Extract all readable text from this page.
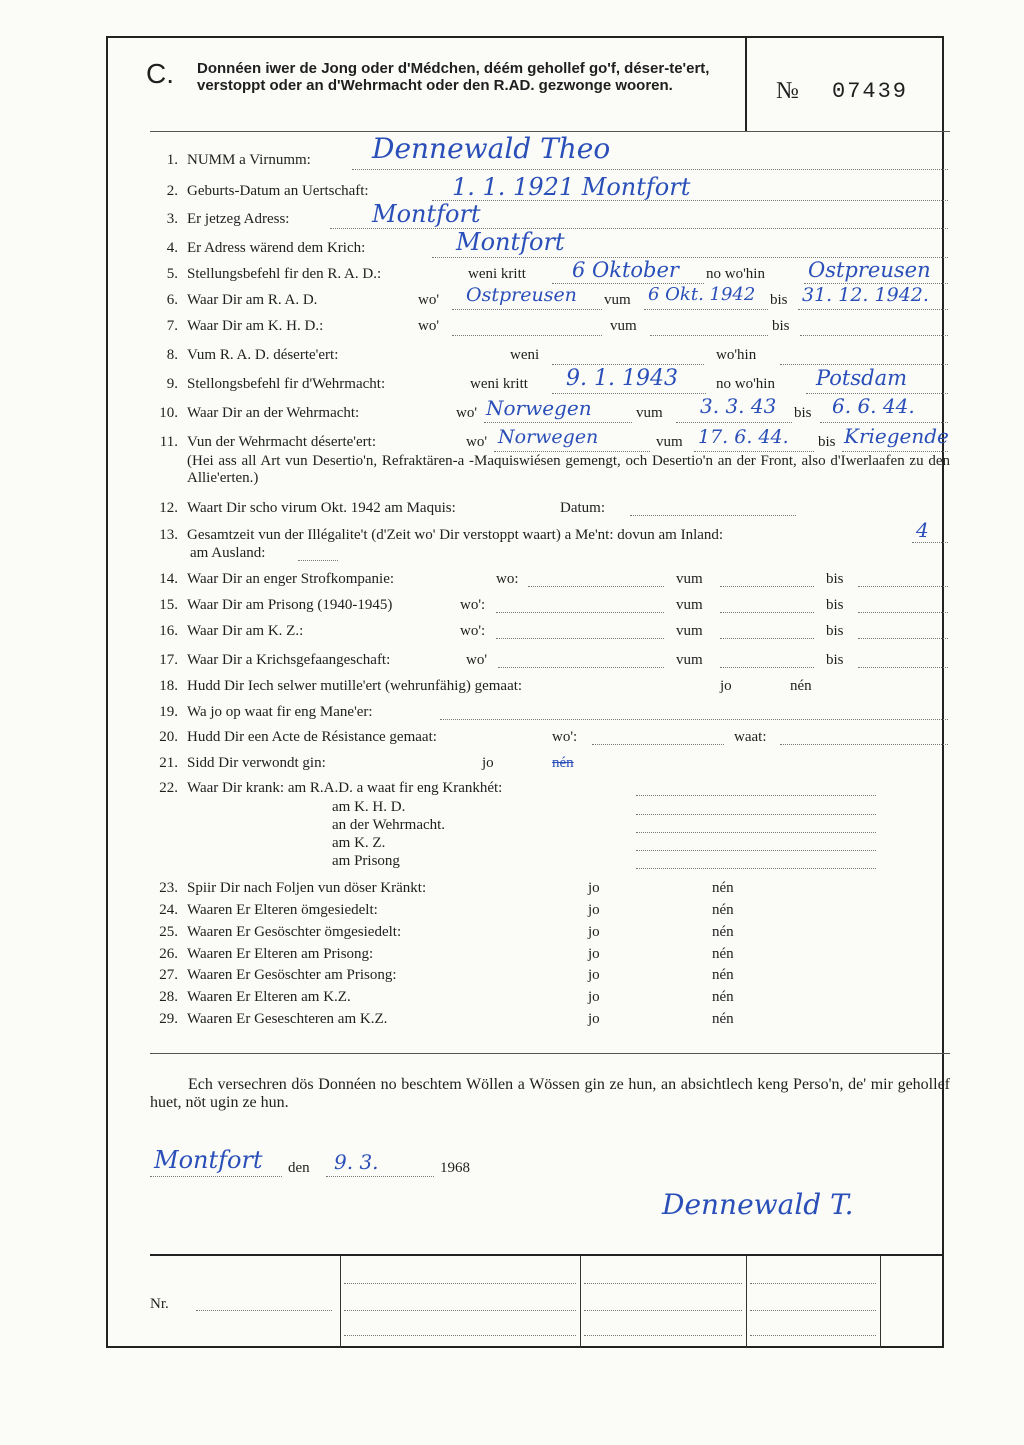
C. Donnéen iwer de Jong oder d'Médchen, déém gehollef go'f, déser-te'ert, verstoppt oder an d'Wehrmacht oder den R.AD. gezwonge wooren.	№ 07439
1. NUMM a Virnumm: Dennewald Theo
2. Geburts-Datum an Uertschaft:	1. 1. 1921 Montfort
3. Er jetzeg Adress:	Montfort
4. Er Adress wärend dem Krich:	Montfort
5. Stellungsbefehl fir den R. A. D.:	weni kritt 6 Oktober no wo'hin Ostpreusen
6. Waar Dir am R. A. D.	wo' Ostpreusen vum 6 Okt. 1942 bis 31. 12. 1942.
7. Waar Dir am K. H. D.:	wo'	vum	bis
8. Vum R. A. D. déserte'ert:	weni	wo'hin
9. Stellongsbefehl fir d'Wehrmacht:	weni kritt 9. 1. 1943	no wo'hin Potsdam
10. Waar Dir an der Wehrmacht:	wo' Norwegen	vum 3. 3. 43 bis 6. 6. 44.
11. Vun der Wehrmacht déserte'ert:	wo' Norwegen	vum 17. 6. 44. bis Kriegende
(Hei ass all Art vun Desertio'n, Refraktären-a -Maquiswiésen gemengt, och Desertio'n an der Front, also d'Iwerlaafen zu den Allie'erten.)
12. Waart Dir scho virum Okt. 1942 am Maquis:	Datum:
13. Gesamtzeit vun der Illégalite't (d'Zeit wo' Dir verstoppt waart) a Me'nt: dovun am Inland:	4
am Ausland:
14. Waar Dir an enger Strofkompanie:	wo:	vum	bis
15. Waar Dir am Prisong (1940-1945)	wo':	vum	bis
16. Waar Dir am K. Z.:	wo':	vum	bis
17. Waar Dir a Krichsgefaangeschaft:	wo'	vum	bis
18. Hudd Dir Iech selwer mutille'ert (wehrunfähig) gemaat:	jo	nén
19. Wa jo op waat fir eng Mane'er:
20. Hudd Dir een Acte de Résistance gemaat:	wo':	waat:
21. Sidd Dir verwondt gin:	jo	nén
22. Waar Dir krank: am R.A.D. a waat fir eng Krankhét:
am K. H. D.
an der Wehrmacht.
am K. Z.
am Prisong
23. Spiir Dir nach Foljen vun döser Kränkt:	jo	nén
24. Waaren Er Elteren ömgesiedelt:	jo	nén
25. Waaren Er Gesöschter ömgesiedelt:	jo	nén
26. Waaren Er Elteren am Prisong:	jo	nén
27. Waaren Er Gesöschter am Prisong:	jo	nén
28. Waaren Er Elteren am K.Z.	jo	nén
29. Waaren Er Geseschteren am K.Z.	jo	nén
Ech versechren dös Donnéen no beschtem Wöllen a Wössen gin ze hun, an absichtlech keng Perso'n, de' mir gehollef huet, nöt ugin ze hun.
Montfort den 9. 3.	1968
Dennewald T.
Nr.
